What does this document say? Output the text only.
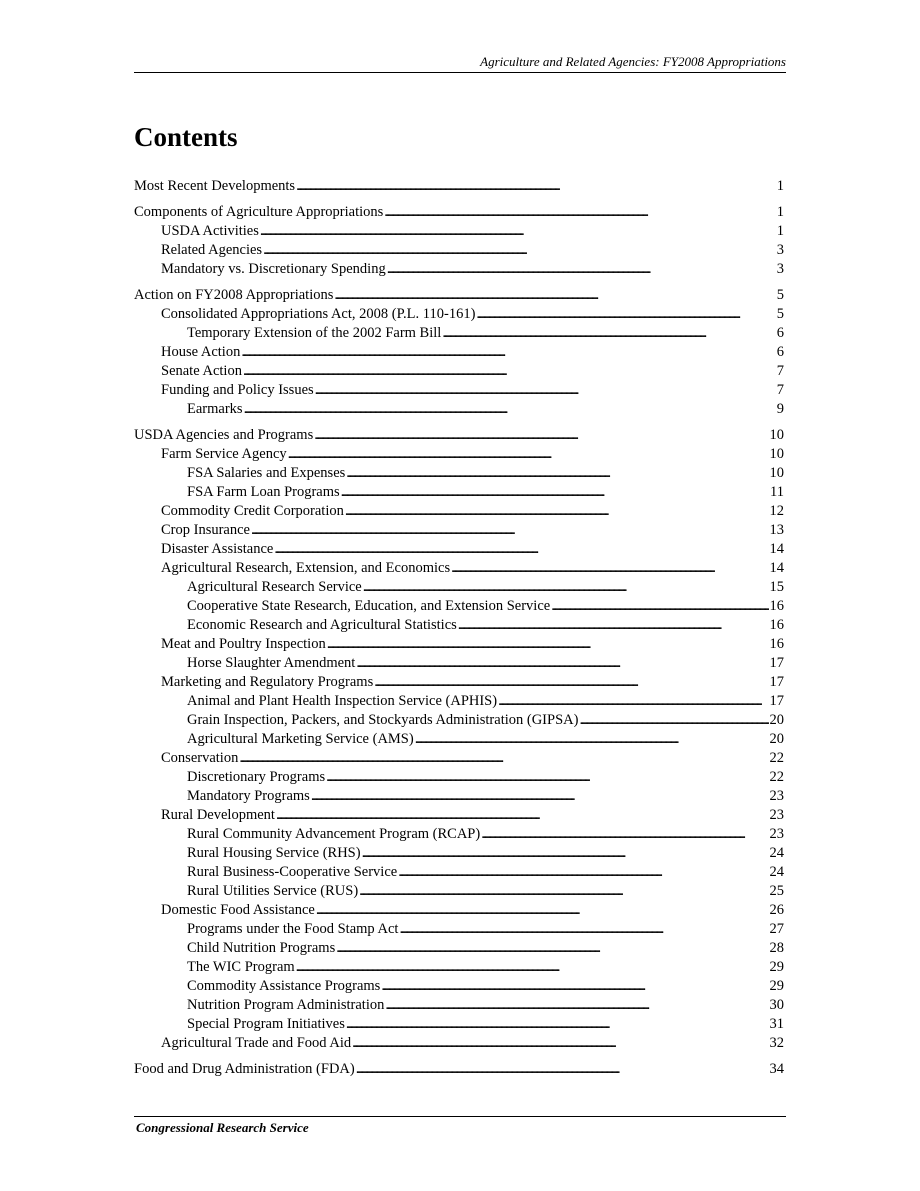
Agriculture and Related Agencies: FY2008 Appropriations
Contents
Most Recent Developments . . .	1
Components of Agriculture Appropriations . . .	1
USDA Activities . . .	1
Related Agencies . . .	3
Mandatory vs. Discretionary Spending . . .	3
Action on FY2008 Appropriations . . .	5
Consolidated Appropriations Act, 2008 (P.L. 110-161) . . .	5
Temporary Extension of the 2002 Farm Bill . . .	6
House Action . . .	6
Senate Action . . .	7
Funding and Policy Issues . . .	7
Earmarks . . .	9
USDA Agencies and Programs . . .	10
Farm Service Agency . . .	10
FSA Salaries and Expenses . . .	10
FSA Farm Loan Programs . . .	11
Commodity Credit Corporation . . .	12
Crop Insurance . . .	13
Disaster Assistance . . .	14
Agricultural Research, Extension, and Economics . . .	14
Agricultural Research Service . . .	15
Cooperative State Research, Education, and Extension Service . . .	16
Economic Research and Agricultural Statistics . . .	16
Meat and Poultry Inspection . . .	16
Horse Slaughter Amendment . . .	17
Marketing and Regulatory Programs . . .	17
Animal and Plant Health Inspection Service (APHIS) . . .	17
Grain Inspection, Packers, and Stockyards Administration (GIPSA) . . .	20
Agricultural Marketing Service (AMS) . . .	20
Conservation . . .	22
Discretionary Programs . . .	22
Mandatory Programs . . .	23
Rural Development . . .	23
Rural Community Advancement Program (RCAP) . . .	23
Rural Housing Service (RHS) . . .	24
Rural Business-Cooperative Service . . .	24
Rural Utilities Service (RUS) . . .	25
Domestic Food Assistance . . .	26
Programs under the Food Stamp Act . . .	27
Child Nutrition Programs . . .	28
The WIC Program . . .	29
Commodity Assistance Programs . . .	29
Nutrition Program Administration . . .	30
Special Program Initiatives . . .	31
Agricultural Trade and Food Aid . . .	32
Food and Drug Administration (FDA) . . .	34
Congressional Research Service
